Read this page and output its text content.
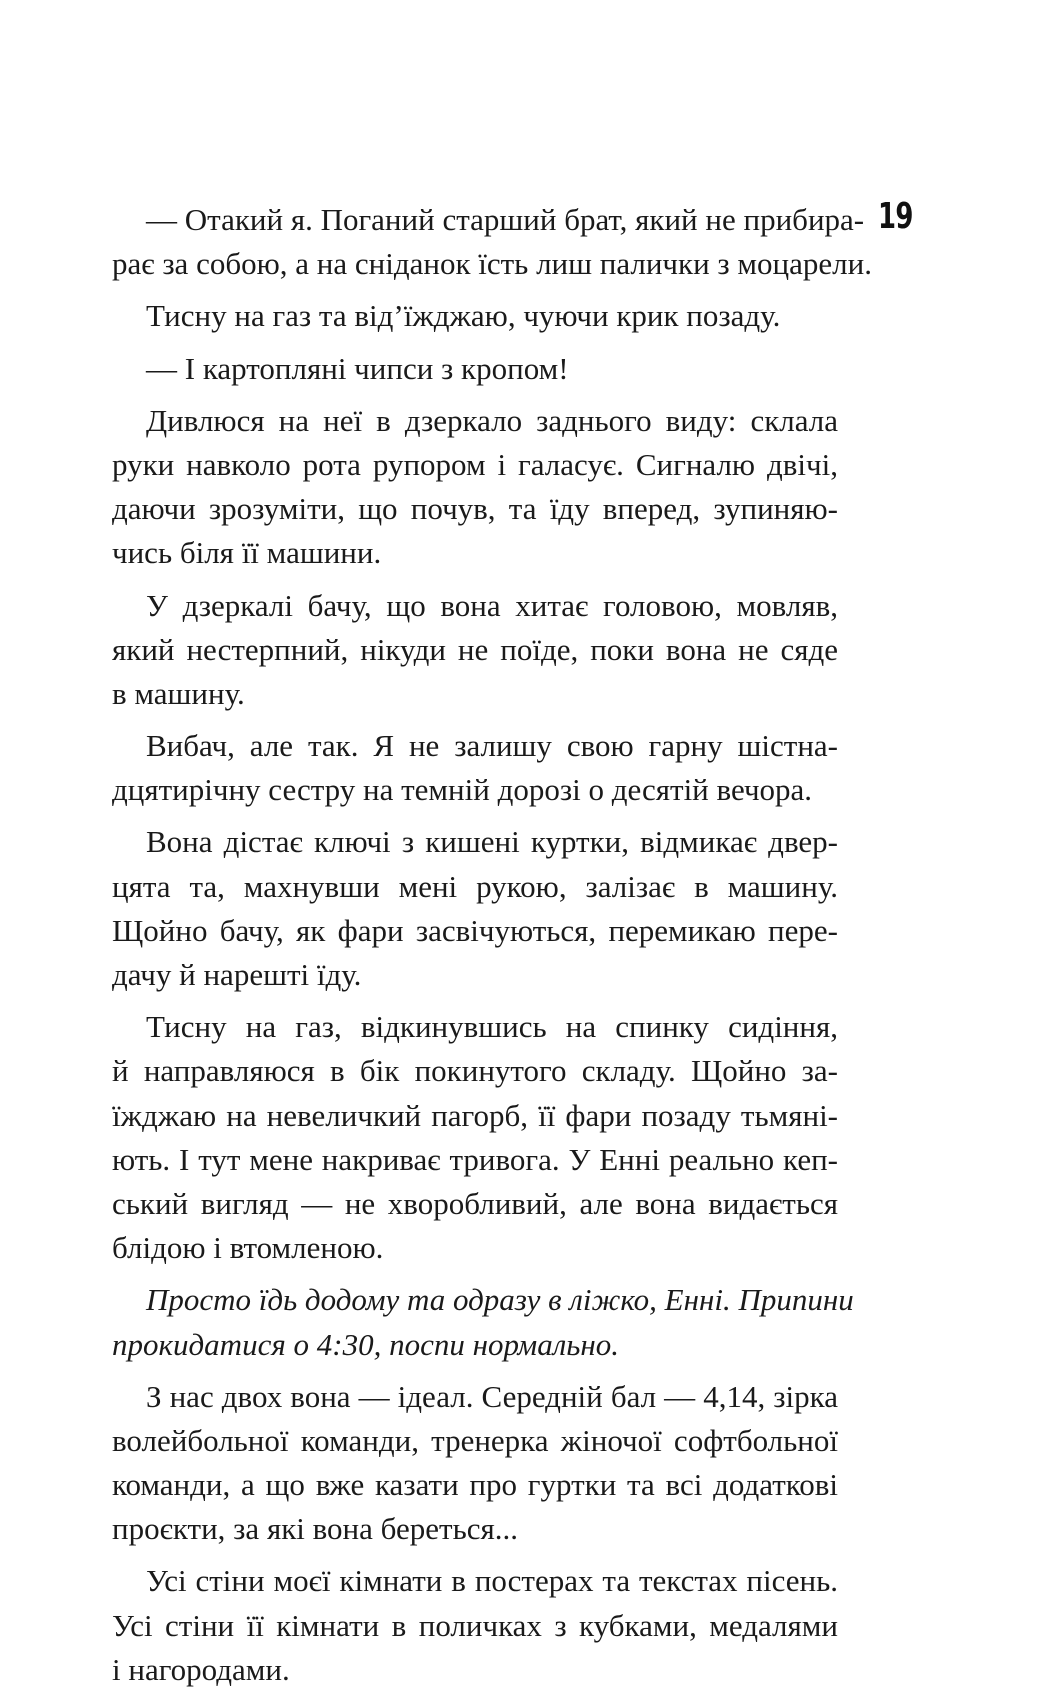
19
— Отакий я. Поганий старший брат, який не прибира-
рає за собою, а на сніданок їсть лиш палички з моцарели.
Тисну на газ та від’їжджаю, чуючи крик позаду.
— І картопляні чипси з кропом!
Дивлюся на неї в дзеркало заднього виду: склала
руки навколо рота рупором і галасує. Сигналю двічі,
даючи зрозуміти, що почув, та їду вперед, зупиняю-
чись біля її машини.
У дзеркалі бачу, що вона хитає головою, мовляв,
який нестерпний, нікуди не поїде, поки вона не сяде
в машину.
Вибач, але так. Я не залишу свою гарну шістна-
дцятирічну сестру на темній дорозі о десятій вечора.
Вона дістає ключі з кишені куртки, відмикає двер-
цята та, махнувши мені рукою, залізає в машину.
Щойно бачу, як фари засвічуються, перемикаю пере-
дачу й нарешті їду.
Тисну на газ, відкинувшись на спинку сидіння,
й направляюся в бік покинутого складу. Щойно за-
їжджаю на невеличкий пагорб, її фари позаду тьмяні-
ють. І тут мене накриває тривога. У Енні реально кеп-
ський вигляд — не хворобливий, але вона видається
блідою і втомленою.
Просто їдь додому та одразу в ліжко, Енні. Припини
прокидатися о 4:30, поспи нормально.
З нас двох вона — ідеал. Середній бал — 4,14, зірка
волейбольної команди, тренерка жіночої софтбольної
команди, а що вже казати про гуртки та всі додаткові
проєкти, за які вона береться...
Усі стіни моєї кімнати в постерах та текстах пісень.
Усі стіни її кімнати в поличках з кубками, медалями
і нагородами.
